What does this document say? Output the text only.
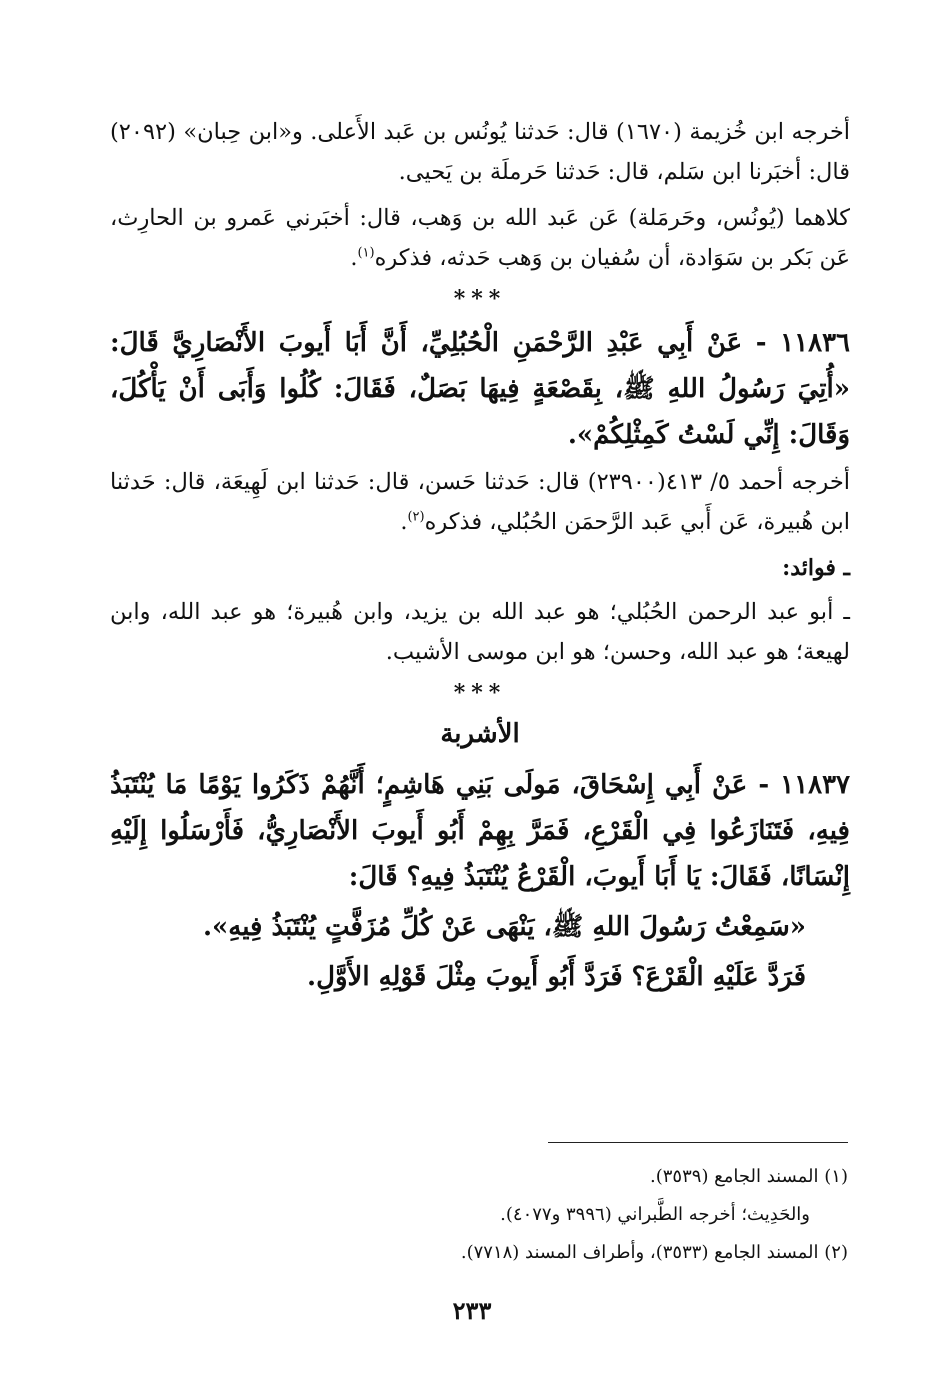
أخرجه ابن خُزيمة (١٦٧٠) قال: حَدثنا يُونُس بن عَبد الأَعلى. و«ابن حِبان» (٢٠٩٢) قال: أخبَرنا ابن سَلم، قال: حَدثنا حَرملَة بن يَحيى.

كلاهما (يُونُس، وحَرمَلة) عَن عَبد الله بن وَهب، قال: أخبَرني عَمرو بن الحارِث، عَن بَكر بن سَوَادة، أن سُفيان بن وَهب حَدثه، فذكره$^{(١)}$.

***

١١٨٣٦ - عَنْ أَبِي عَبْدِ الرَّحْمَنِ الْحُبُلِيِّ، أَنَّ أَبَا أَيوبَ الأَنْصَارِيَّ قَالَ: «أُتِيَ رَسُولُ اللهِ ﷺ، بِقَصْعَةٍ فِيهَا بَصَلٌ، فَقَالَ: كُلُوا وَأَبَى أَنْ يَأْكُلَ، وَقَالَ: إِنِّي لَسْتُ كَمِثْلِكُمْ».

أخرجه أحمد ٥/ ٤١٣(٢٣٩٠٠) قال: حَدثنا حَسن، قال: حَدثنا ابن لَهِيعَة، قال: حَدثنا ابن هُبيرة، عَن أَبي عَبد الرَّحمَن الحُبُلي، فذكره$^{(٢)}$.

ـ فوائد:

ـ أبو عبد الرحمن الحُبُلي؛ هو عبد الله بن يزيد، وابن هُبيرة؛ هو عبد الله، وابن لهيعة؛ هو عبد الله، وحسن؛ هو ابن موسى الأشيب.

***
الأشربة

١١٨٣٧ - عَنْ أَبِي إِسْحَاقَ، مَولَى بَنِي هَاشِمٍ؛ أَنَّهُمْ ذَكَرُوا يَوْمًا مَا يُنْتَبَذُ فِيهِ، فَتَنَازَعُوا فِي الْقَرْعِ، فَمَرَّ بِهِمْ أَبُو أَيوبَ الأَنْصَارِيُّ، فَأَرْسَلُوا إِلَيْهِ إِنْسَانًا، فَقَالَ: يَا أَبَا أَيوبَ، الْقَرْعُ يُنْتَبَذُ فِيهِ؟ قَالَ:

«سَمِعْتُ رَسُولَ اللهِ ﷺ، يَنْهَى عَنْ كُلِّ مُزَفَّتٍ يُنْتَبَذُ فِيهِ».

فَرَدَّ عَلَيْهِ الْقَرْعَ؟ فَرَدَّ أَبُو أَيوبَ مِثْلَ قَوْلِهِ الأَوَّلِ.

(١) المسند الجامع (٣٥٣٩).

والحَدِيث؛ أخرجه الطَّبراني (٣٩٩٦ و٤٠٧٧).

(٢) المسند الجامع (٣٥٣٣)، وأطراف المسند (٧٧١٨).

٢٣٣
